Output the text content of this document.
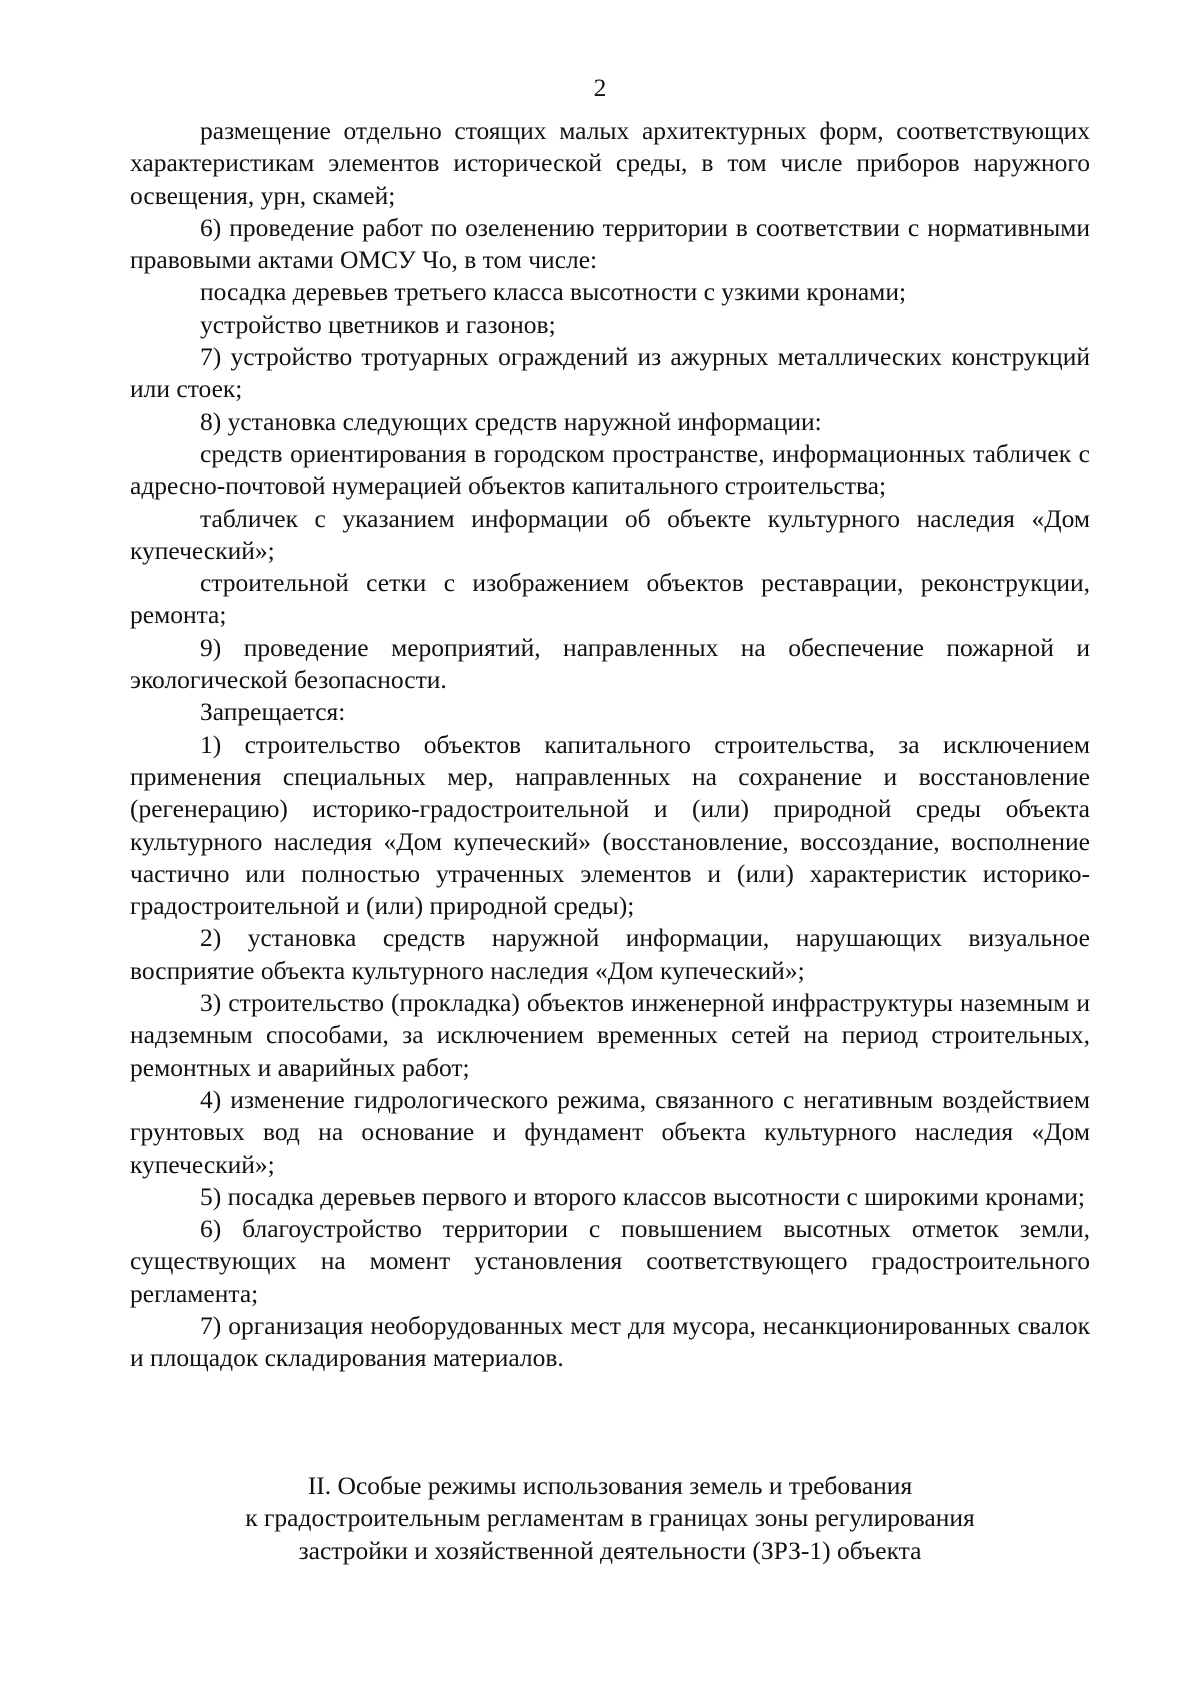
2

размещение отдельно стоящих малых архитектурных форм, соответствующих характеристикам элементов исторической среды, в том числе приборов наружного освещения, урн, скамей;

6) проведение работ по озеленению территории в соответствии с нормативными правовыми актами ОМСУ Чо, в том числе:

посадка деревьев третьего класса высотности с узкими кронами;

устройство цветников и газонов;

7) устройство тротуарных ограждений из ажурных металлических конструкций или стоек;

8) установка следующих средств наружной информации:

средств ориентирования в городском пространстве, информационных табличек с адресно-почтовой нумерацией объектов капитального строительства;

табличек с указанием информации об объекте культурного наследия «Дом купеческий»;

строительной сетки с изображением объектов реставрации, реконструкции, ремонта;

9) проведение мероприятий, направленных на обеспечение пожарной и экологической безопасности.

Запрещается:

1) строительство объектов капитального строительства, за исключением применения специальных мер, направленных на сохранение и восстановление (регенерацию) историко-градостроительной и (или) природной среды объекта культурного наследия «Дом купеческий» (восстановление, воссоздание, восполнение частично или полностью утраченных элементов и (или) характеристик историко-градостроительной и (или) природной среды);

2) установка средств наружной информации, нарушающих визуальное восприятие объекта культурного наследия «Дом купеческий»;

3) строительство (прокладка) объектов инженерной инфраструктуры наземным и надземным способами, за исключением временных сетей на период строительных, ремонтных и аварийных работ;

4) изменение гидрологического режима, связанного с негативным воздействием грунтовых вод на основание и фундамент объекта культурного наследия «Дом купеческий»;

5) посадка деревьев первого и второго классов высотности с широкими кронами;

6) благоустройство территории с повышением высотных отметок земли, существующих на момент установления соответствующего градостроительного регламента;

7) организация необорудованных мест для мусора, несанкционированных свалок и площадок складирования материалов.

II. Особые режимы использования земель и требования
к градостроительным регламентам в границах зоны регулирования
застройки и хозяйственной деятельности (ЗРЗ-1) объекта
